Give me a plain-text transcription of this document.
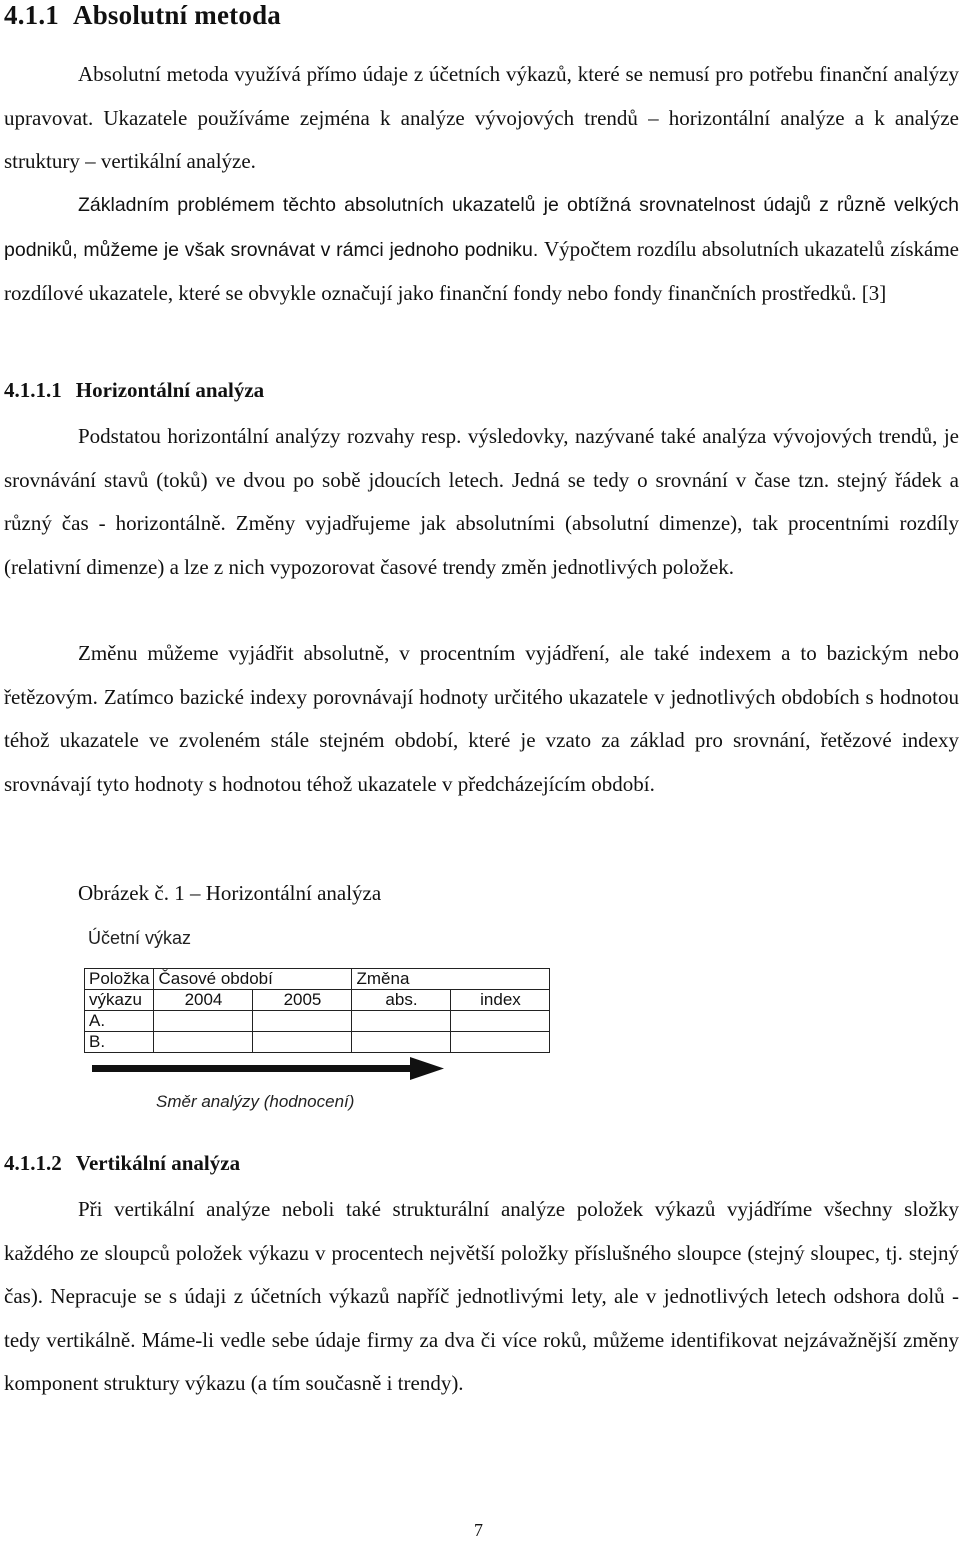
4.1.1 Absolutní metoda

Absolutní metoda využívá přímo údaje z účetních výkazů, které se nemusí pro potřebu finanční analýzy upravovat. Ukazatele používáme zejména k analýze vývojových trendů – horizontální analýze a k analýze struktury – vertikální analýze.

Základním problémem těchto absolutních ukazatelů je obtížná srovnatelnost údajů z různě velkých podniků, můžeme je však srovnávat v rámci jednoho podniku. Výpočtem rozdílu absolutních ukazatelů získáme rozdílové ukazatele, které se obvykle označují jako finanční fondy nebo fondy finančních prostředků. [3]

4.1.1.1 Horizontální analýza

Podstatou horizontální analýzy rozvahy resp. výsledovky, nazývané také analýza vývojových trendů, je srovnávání stavů (toků) ve dvou po sobě jdoucích letech. Jedná se tedy o srovnání v čase tzn. stejný řádek a různý čas - horizontálně. Změny vyjadřujeme jak absolutními (absolutní dimenze), tak procentními rozdíly (relativní dimenze) a lze z nich vypozorovat časové trendy změn jednotlivých položek.

Změnu můžeme vyjádřit absolutně, v procentním vyjádření, ale také indexem a to bazickým nebo řetězovým. Zatímco bazické indexy porovnávají hodnoty určitého ukazatele v jednotlivých obdobích s hodnotou téhož ukazatele ve zvoleném stále stejném období, které je vzato za základ pro srovnání, řetězové indexy srovnávají tyto hodnoty s hodnotou téhož ukazatele v předcházejícím období.

Obrázek č. 1 – Horizontální analýza
Účetní výkaz
Položka	Časové období		Změna	
výkazu	2004	2005	abs.	index
A.				
B.				
Směr analýzy (hodnocení)
4.1.1.2 Vertikální analýza

Při vertikální analýze neboli také strukturální analýze položek výkazů vyjádříme všechny složky každého ze sloupců položek výkazu v procentech největší položky příslušného sloupce (stejný sloupec, tj. stejný čas). Nepracuje se s údaji z účetních výkazů napříč jednotlivými lety, ale v jednotlivých letech odshora dolů - tedy vertikálně. Máme-li vedle sebe údaje firmy za dva či více roků, můžeme identifikovat nejzávažnější změny komponent struktury výkazu (a tím současně i trendy).

7
